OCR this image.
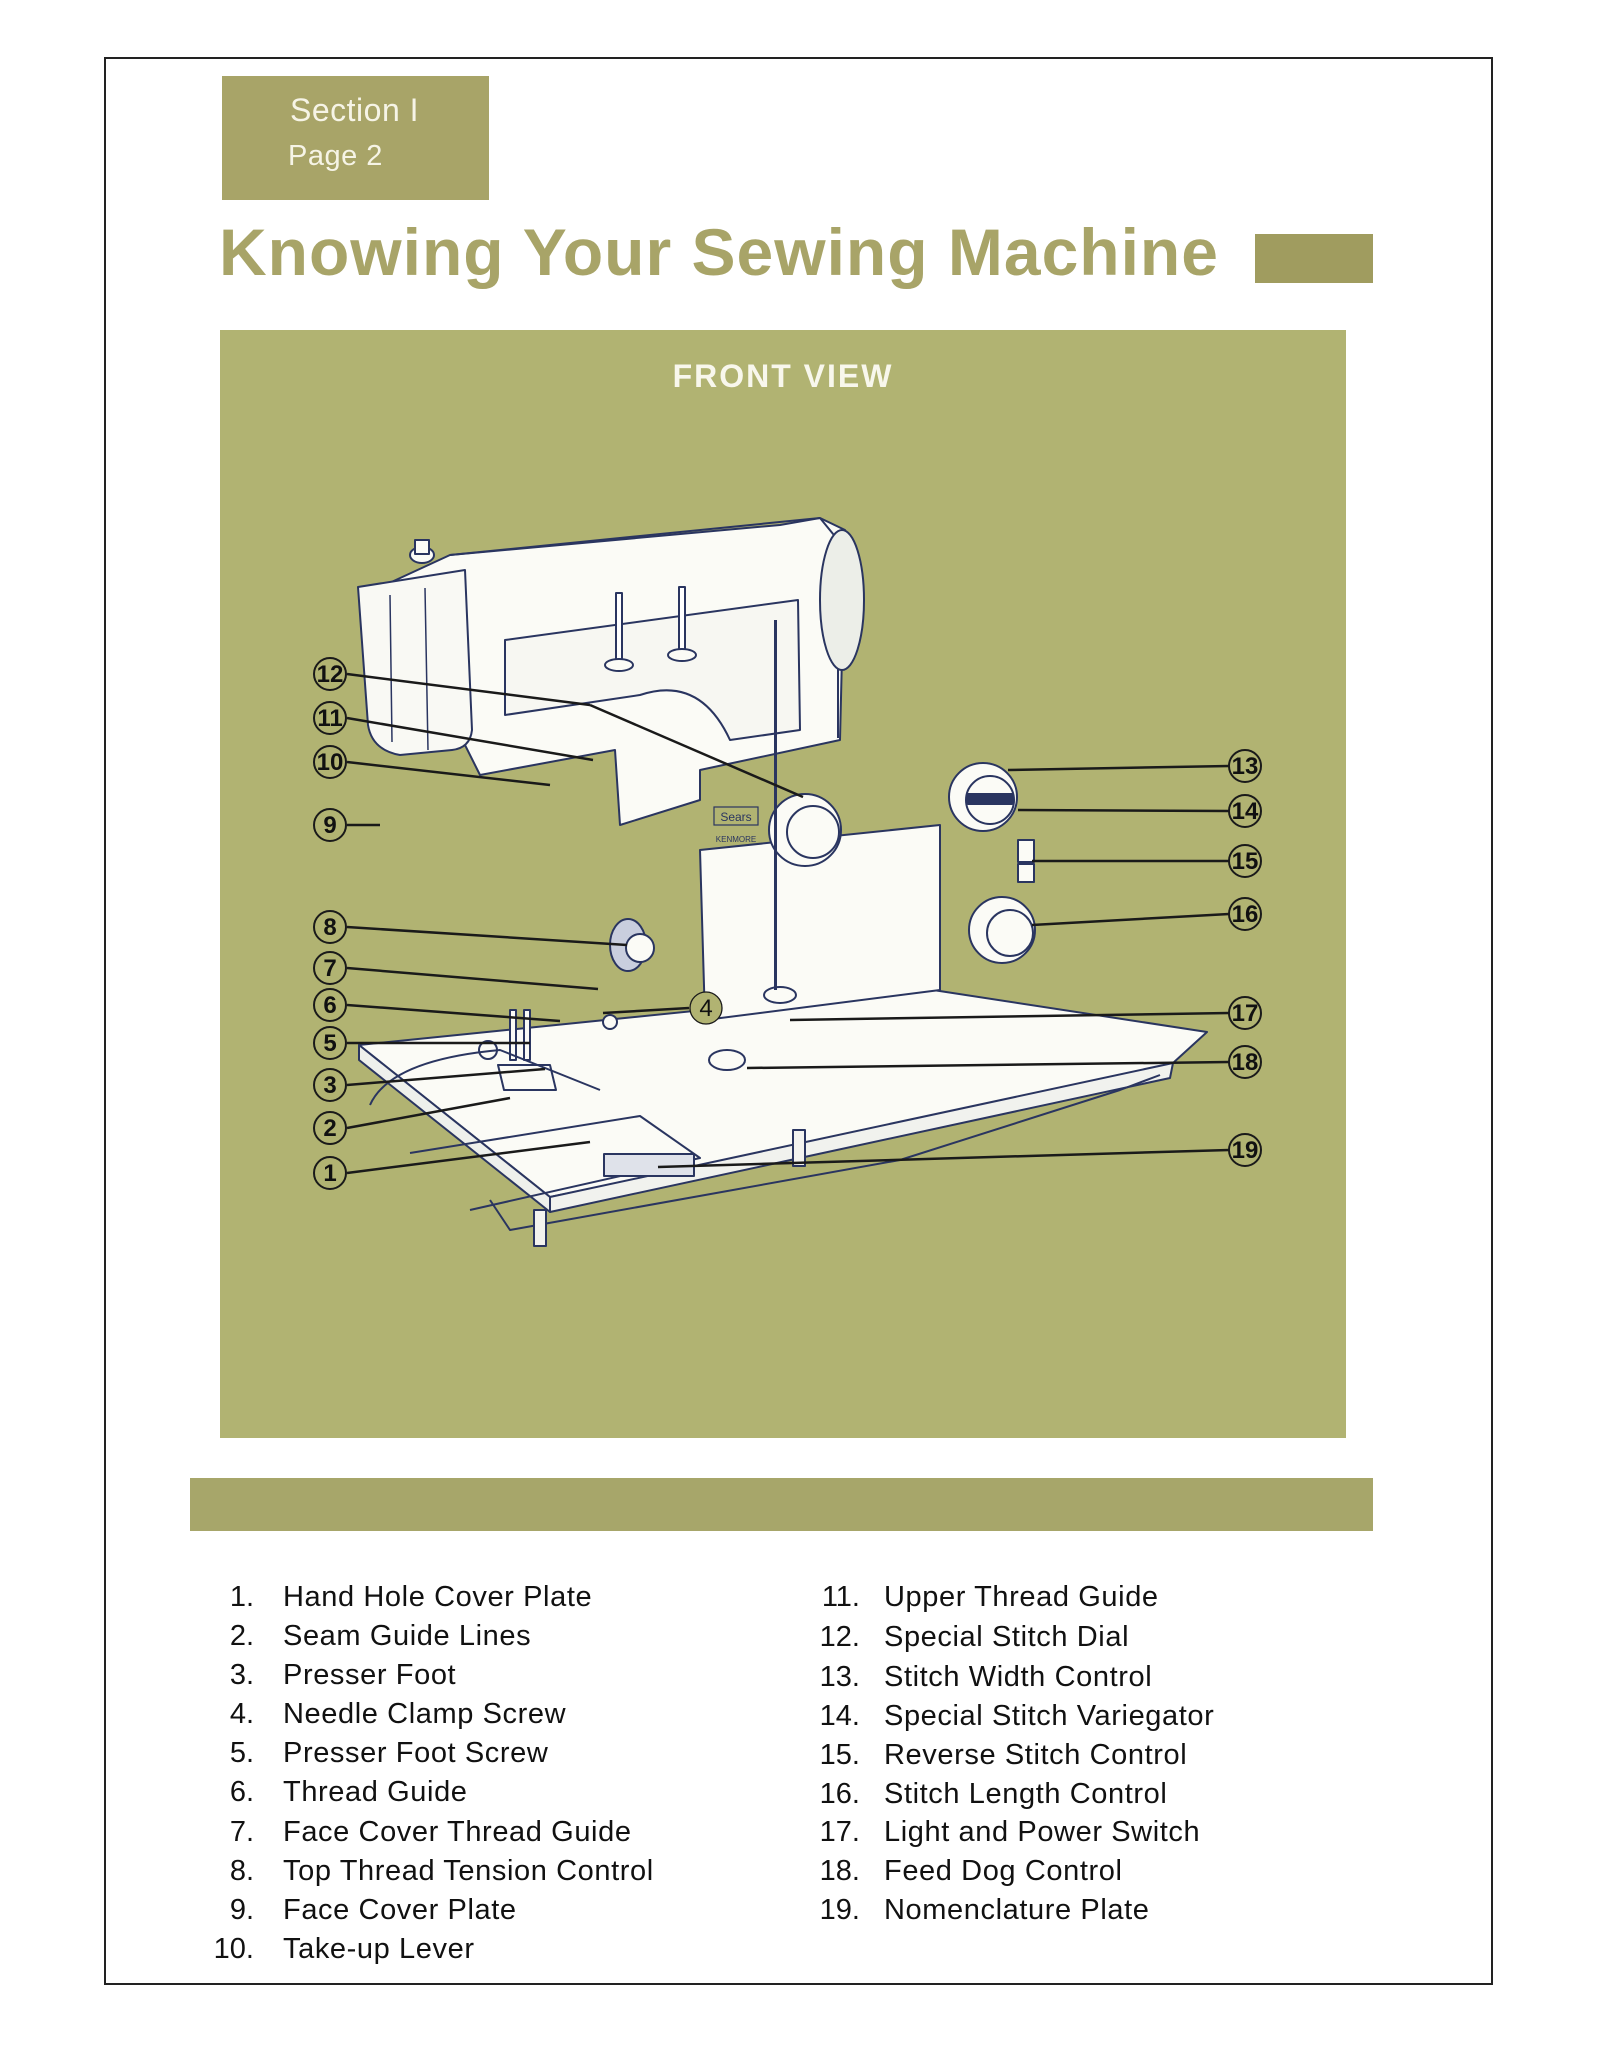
Section I
Page 2
Knowing Your Sewing Machine
12
11
10
9
8
7
6
5
3
2
1
4
13
14
15
16
17
18
19
Sears
KENMORE
FRONT VIEW
1. Hand Hole Cover Plate
2. Seam Guide Lines
3. Presser Foot
4. Needle Clamp Screw
5. Presser Foot Screw
6. Thread Guide
7. Face Cover Thread Guide
8. Top Thread Tension Control
9. Face Cover Plate
10. Take-up Lever
11. Upper Thread Guide
12. Special Stitch Dial
13. Stitch Width Control
14. Special Stitch Variegator
15. Reverse Stitch Control
16. Stitch Length Control
17. Light and Power Switch
18. Feed Dog Control
19. Nomenclature Plate
